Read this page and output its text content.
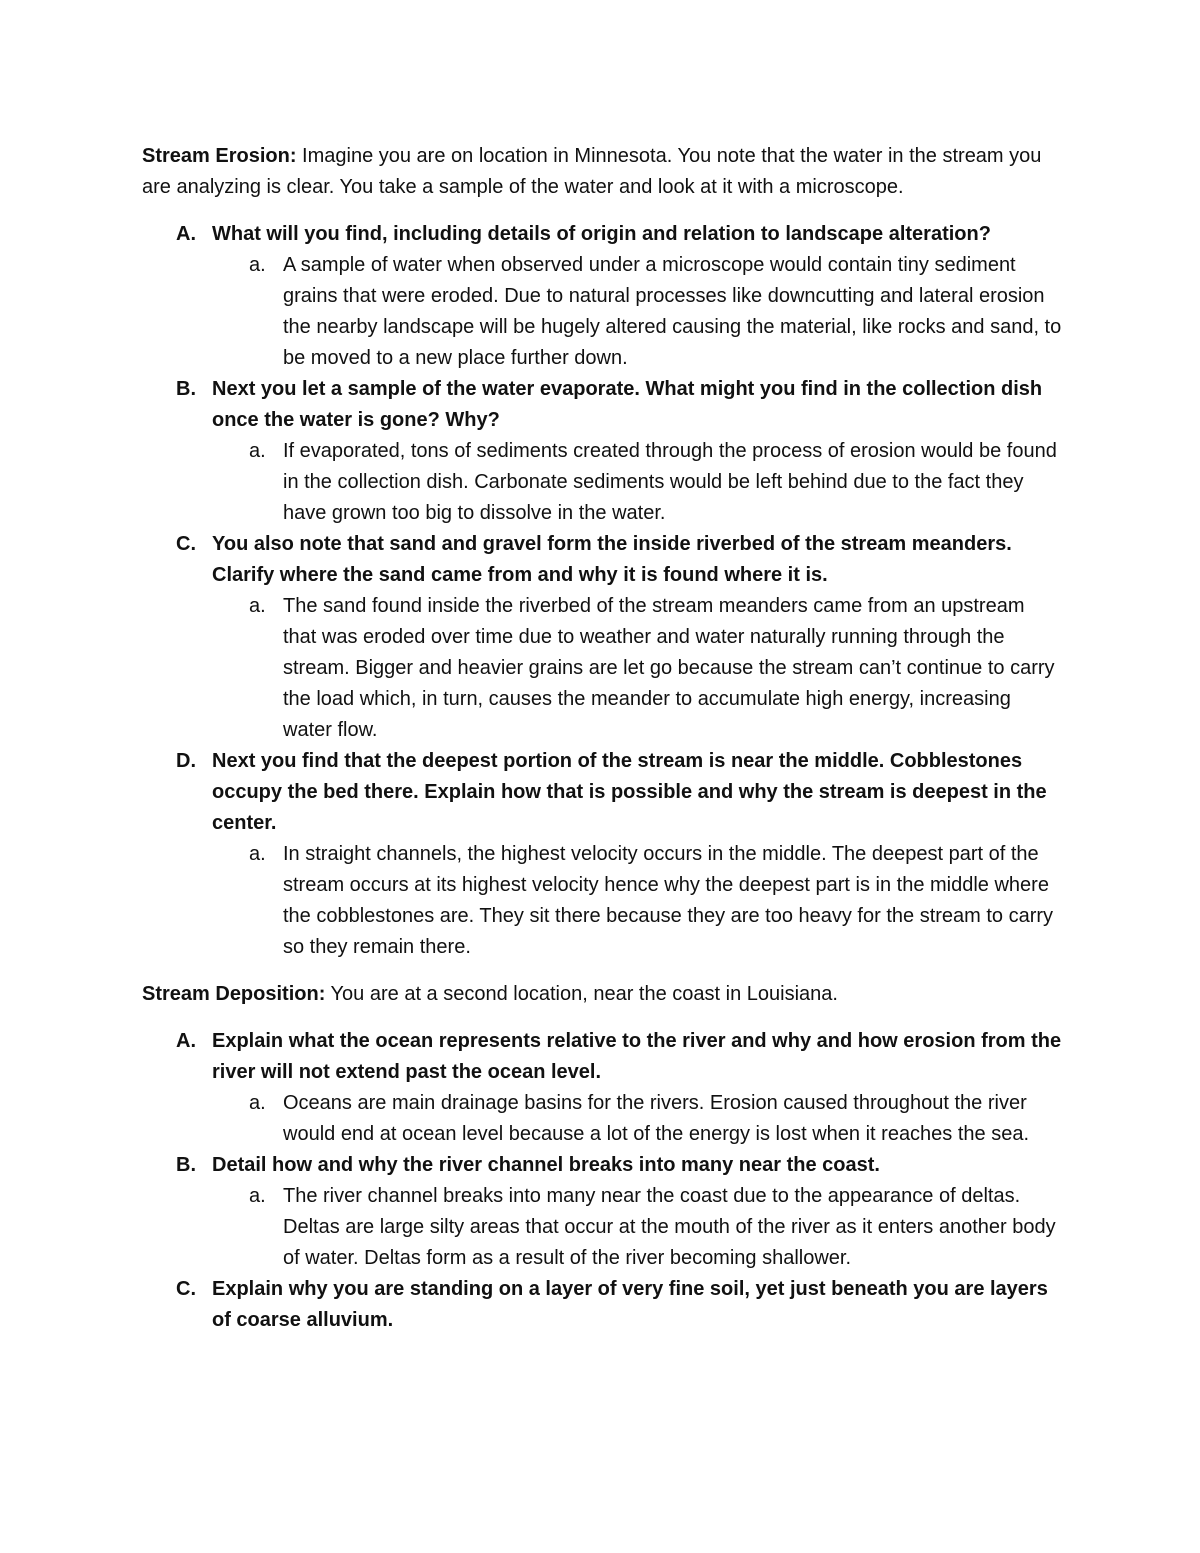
Stream Erosion: Imagine you are on location in Minnesota. You note that the water in the stream you are analyzing is clear. You take a sample of the water and look at it with a microscope.

A. What will you find, including details of origin and relation to landscape alteration?

a. A sample of water when observed under a microscope would contain tiny sediment grains that were eroded. Due to natural processes like downcutting and lateral erosion the nearby landscape will be hugely altered causing the material, like rocks and sand, to be moved to a new place further down.

B. Next you let a sample of the water evaporate. What might you find in the collection dish once the water is gone? Why?

a. If evaporated, tons of sediments created through the process of erosion would be found in the collection dish. Carbonate sediments would be left behind due to the fact they have grown too big to dissolve in the water.

C. You also note that sand and gravel form the inside riverbed of the stream meanders. Clarify where the sand came from and why it is found where it is.

a. The sand found inside the riverbed of the stream meanders came from an upstream that was eroded over time due to weather and water naturally running through the stream. Bigger and heavier grains are let go because the stream can’t continue to carry the load which, in turn, causes the meander to accumulate high energy, increasing water flow.

D. Next you find that the deepest portion of the stream is near the middle. Cobblestones occupy the bed there. Explain how that is possible and why the stream is deepest in the center.

a. In straight channels, the highest velocity occurs in the middle. The deepest part of the stream occurs at its highest velocity hence why the deepest part is in the middle where the cobblestones are. They sit there because they are too heavy for the stream to carry so they remain there.

Stream Deposition: You are at a second location, near the coast in Louisiana.

A. Explain what the ocean represents relative to the river and why and how erosion from the river will not extend past the ocean level.

a. Oceans are main drainage basins for the rivers. Erosion caused throughout the river would end at ocean level because a lot of the energy is lost when it reaches the sea.

B. Detail how and why the river channel breaks into many near the coast.

a. The river channel breaks into many near the coast due to the appearance of deltas. Deltas are large silty areas that occur at the mouth of the river as it enters another body of water. Deltas form as a result of the river becoming shallower.

C. Explain why you are standing on a layer of very fine soil, yet just beneath you are layers of coarse alluvium.
